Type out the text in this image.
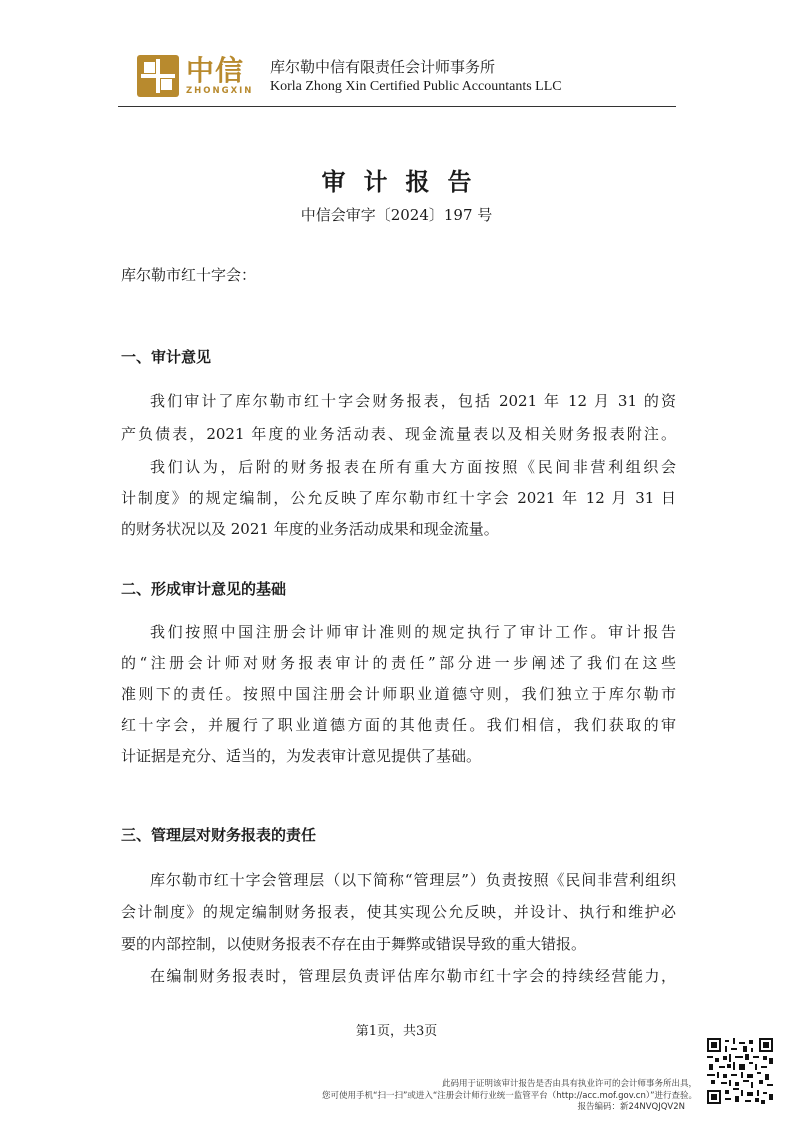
中信
ZHONGXIN
库尔勒中信有限责任会计师事务所
Korla Zhong Xin Certified Public Accountants LLC
审计报告
中信会审字〔2024〕197 号
库尔勒市红十字会：
一、审计意见
我们审计了库尔勒市红十字会财务报表，包括 2021 年 12 月 31 的资
产负债表，2021 年度的业务活动表、现金流量表以及相关财务报表附注。
我们认为，后附的财务报表在所有重大方面按照《民间非营利组织会
计制度》的规定编制，公允反映了库尔勒市红十字会 2021 年 12 月 31 日
的财务状况以及 2021 年度的业务活动成果和现金流量。
二、形成审计意见的基础
我们按照中国注册会计师审计准则的规定执行了审计工作。审计报告
的“注册会计师对财务报表审计的责任”部分进一步阐述了我们在这些
准则下的责任。按照中国注册会计师职业道德守则，我们独立于库尔勒市
红十字会，并履行了职业道德方面的其他责任。我们相信，我们获取的审
计证据是充分、适当的，为发表审计意见提供了基础。
三、管理层对财务报表的责任
库尔勒市红十字会管理层（以下简称“管理层”）负责按照《民间非营利组织
会计制度》的规定编制财务报表，使其实现公允反映，并设计、执行和维护必
要的内部控制，以使财务报表不存在由于舞弊或错误导致的重大错报。
在编制财务报表时，管理层负责评估库尔勒市红十字会的持续经营能力，
第1页，共3页
此码用于证明该审计报告是否由具有执业许可的会计师事务所出具，
您可使用手机“扫一扫”或进入“注册会计师行业统一监管平台（http://acc.mof.gov.cn）”进行查验。
报告编码：新24NVQJQV2N
